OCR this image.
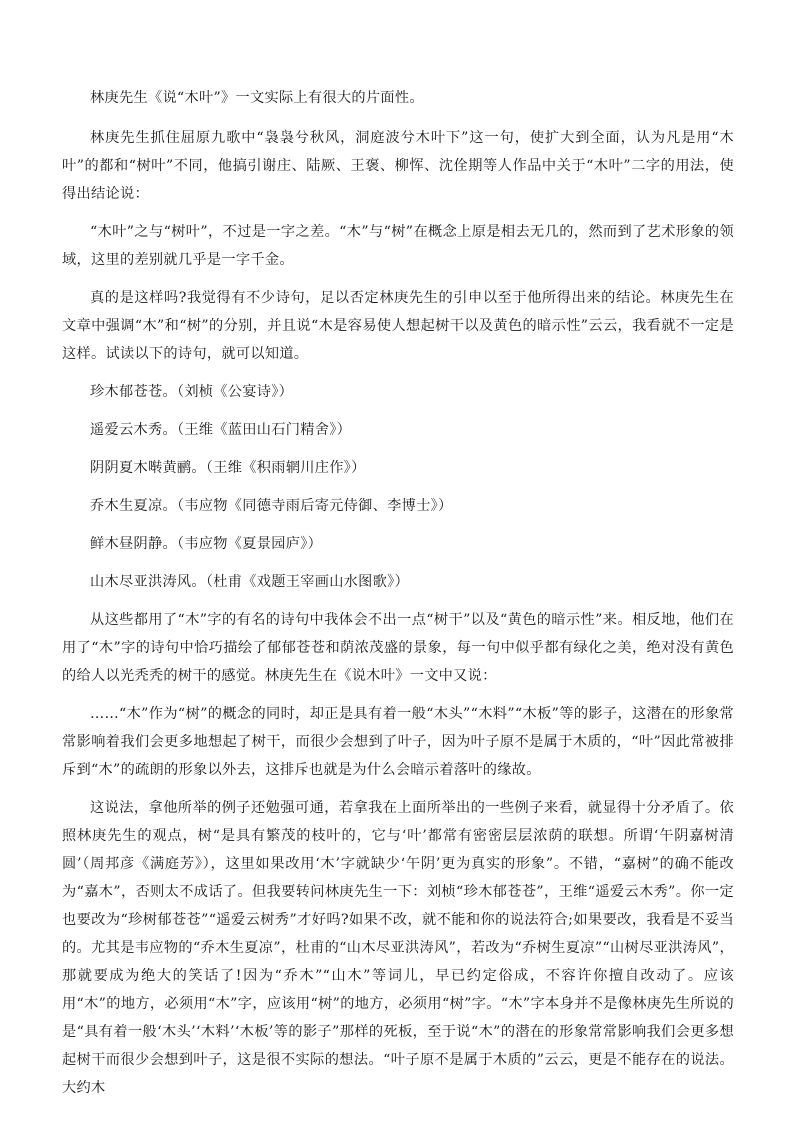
林庚先生《说“木叶”》一文实际上有很大的片面性。

林庚先生抓住屈原九歌中“袅袅兮秋风，洞庭波兮木叶下”这一句，使扩大到全面，认为凡是用“木叶”的都和“树叶”不同，他搞引谢庄、陆厥、王褒、柳恽、沈佺期等人作品中关于“木叶”二字的用法，使得出结论说：

“木叶”之与“树叶”，不过是一字之差。“木”与“树”在概念上原是相去无几的，然而到了艺术形象的领域，这里的差别就几乎是一字千金。

真的是这样吗?我觉得有不少诗句，足以否定林庚先生的引申以至于他所得出来的结论。林庚先生在文章中强调“木”和“树”的分别，并且说“木是容易使人想起树干以及黄色的暗示性”云云，我看就不一定是这样。试读以下的诗句，就可以知道。

珍木郁苍苍。（刘桢《公宴诗》）

遥爱云木秀。（王维《蓝田山石门精舍》）

阴阴夏木啭黄鹂。（王维《积雨辋川庄作》）

乔木生夏凉。（韦应物《同德寺雨后寄元侍御、李博士》）

鲜木昼阴静。（韦应物《夏景园庐》）

山木尽亚洪涛风。（杜甫《戏题王宰画山水图歌》）

从这些都用了“木”字的有名的诗句中我体会不出一点“树干”以及“黄色的暗示性”来。相反地，他们在用了“木”字的诗句中恰巧描绘了郁郁苍苍和荫浓茂盛的景象，每一句中似乎都有绿化之美，绝对没有黄色的给人以光秃秃的树干的感觉。林庚先生在《说木叶》一文中又说：

……“木”作为“树”的概念的同时，却正是具有着一般“木头”“木料”“木板”等的影子，这潜在的形象常常影响着我们会更多地想起了树干，而很少会想到了叶子，因为叶子原不是属于木质的，“叶”因此常被排斥到“木”的疏朗的形象以外去，这排斥也就是为什么会暗示着落叶的缘故。

这说法，拿他所举的例子还勉强可通，若拿我在上面所举出的一些例子来看，就显得十分矛盾了。依照林庚先生的观点，树“是具有繁茂的枝叶的，它与‘叶’都常有密密层层浓荫的联想。所谓‘午阴嘉树清圆’（周邦彦《满庭芳》），这里如果改用‘木’字就缺少‘午阴’更为真实的形象”。不错，“嘉树”的确不能改为“嘉木”，否则太不成话了。但我要转问林庚先生一下：刘桢“珍木郁苍苍”，王维“遥爱云木秀”。你一定也要改为“珍树郁苍苍”“遥爱云树秀”才好吗?如果不改，就不能和你的说法符合;如果要改，我看是不妥当的。尤其是韦应物的“乔木生夏凉”，杜甫的“山木尽亚洪涛风”，若改为“乔树生夏凉”“山树尽亚洪涛风”，那就要成为绝大的笑话了!因为“乔木”“山木”等词儿，早已约定俗成，不容许你擅自改动了。应该用“木”的地方，必须用“木”字，应该用“树”的地方，必须用“树”字。“木”字本身并不是像林庚先生所说的是“具有着一般‘木头’‘木料’‘木板’等的影子”那样的死板，至于说“木”的潜在的形象常常影响我们会更多想起树干而很少会想到叶子，这是很不实际的想法。“叶子原不是属于木质的”云云，更是不能存在的说法。大约木
